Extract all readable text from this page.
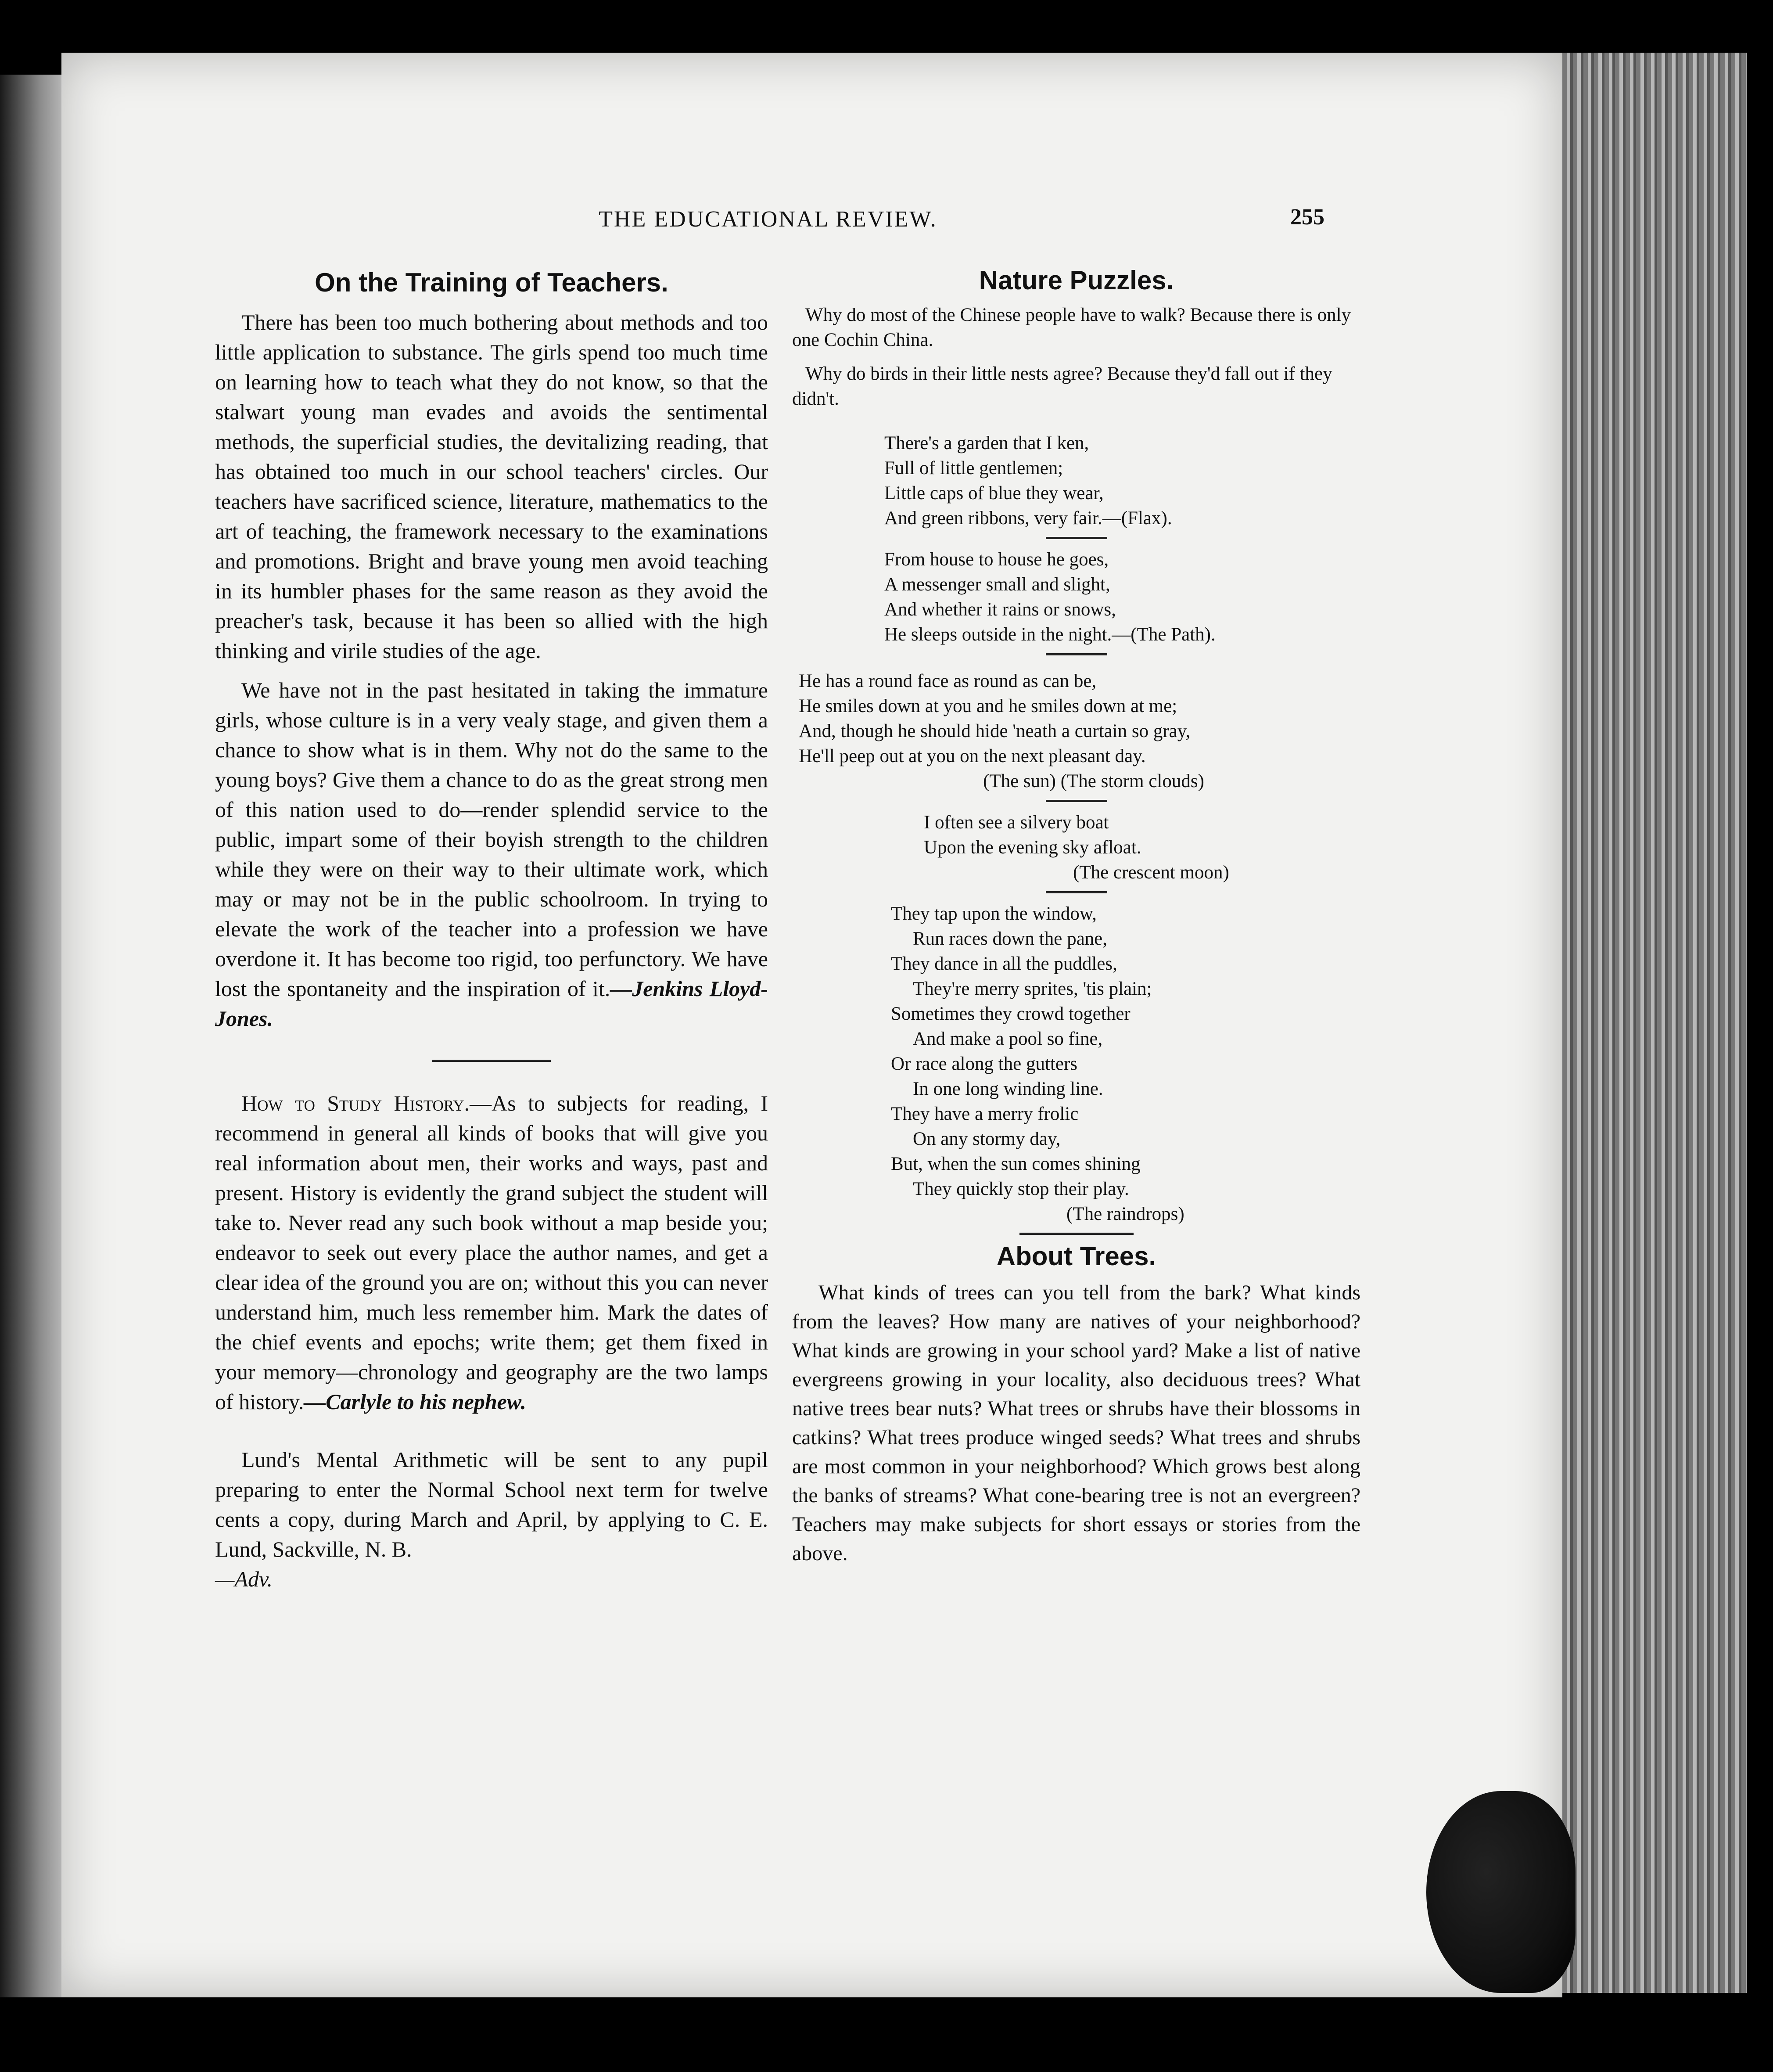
THE EDUCATIONAL REVIEW.	255
On the Training of Teachers.

There has been too much bothering about methods and too little application to substance. The girls spend too much time on learning how to teach what they do not know, so that the stalwart young man evades and avoids the sentimental methods, the superficial studies, the devitalizing reading, that has obtained too much in our school teachers' circles. Our teachers have sacrificed science, literature, mathematics to the art of teaching, the framework necessary to the examinations and promotions. Bright and brave young men avoid teaching in its humbler phases for the same reason as they avoid the preacher's task, because it has been so allied with the high thinking and virile studies of the age.

We have not in the past hesitated in taking the immature girls, whose culture is in a very vealy stage, and given them a chance to show what is in them. Why not do the same to the young boys? Give them a chance to do as the great strong men of this nation used to do—render splendid service to the public, impart some of their boyish strength to the children while they were on their way to their ultimate work, which may or may not be in the public schoolroom. In trying to elevate the work of the teacher into a profession we have overdone it. It has become too rigid, too perfunctory. We have lost the spontaneity and the inspiration of it.—Jenkins Lloyd-Jones.

How to Study History.—As to subjects for reading, I recommend in general all kinds of books that will give you real information about men, their works and ways, past and present. History is evidently the grand subject the student will take to. Never read any such book without a map beside you; endeavor to seek out every place the author names, and get a clear idea of the ground you are on; without this you can never understand him, much less remember him. Mark the dates of the chief events and epochs; write them; get them fixed in your memory—chronology and geography are the two lamps of history.—Carlyle to his nephew.

Lund's Mental Arithmetic will be sent to any pupil preparing to enter the Normal School next term for twelve cents a copy, during March and April, by applying to C. E. Lund, Sackville, N. B.

—Adv.
Nature Puzzles.

Why do most of the Chinese people have to walk? Because there is only one Cochin China.

Why do birds in their little nests agree? Because they'd fall out if they didn't.

There's a garden that I ken,
Full of little gentlemen;
Little caps of blue they wear,
And green ribbons, very fair.—(Flax).
From house to house he goes,
A messenger small and slight,
And whether it rains or snows,
He sleeps outside in the night.—(The Path).
He has a round face as round as can be,
He smiles down at you and he smiles down at me;
And, though he should hide 'neath a curtain so gray,
He'll peep out at you on the next pleasant day.
(The sun) (The storm clouds)
I often see a silvery boat
Upon the evening sky afloat.
(The crescent moon)
They tap upon the window,
Run races down the pane,
They dance in all the puddles,
They're merry sprites, 'tis plain;
Sometimes they crowd together
And make a pool so fine,
Or race along the gutters
In one long winding line.
They have a merry frolic
On any stormy day,
But, when the sun comes shining
They quickly stop their play.
(The raindrops)
About Trees.

What kinds of trees can you tell from the bark? What kinds from the leaves? How many are natives of your neighborhood? What kinds are growing in your school yard? Make a list of native evergreens growing in your locality, also deciduous trees? What native trees bear nuts? What trees or shrubs have their blossoms in catkins? What trees produce winged seeds? What trees and shrubs are most common in your neighborhood? Which grows best along the banks of streams? What cone-bearing tree is not an evergreen? Teachers may make subjects for short essays or stories from the above.
